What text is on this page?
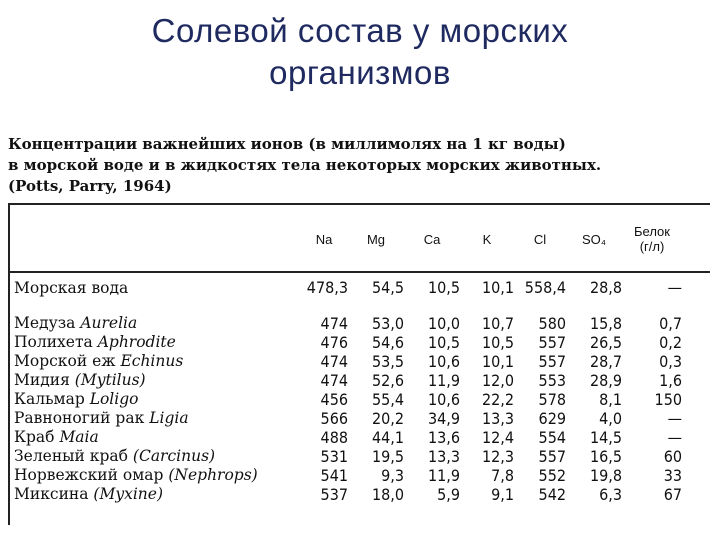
Солевой состав у морских
организмов
Концентрации важнейших ионов (в миллимолях на 1 кг воды)
в морской воде и в жидкостях тела некоторых морских животных.
(Potts, Parry, 1964)
	Na	Mg	Ca	K	Cl	SO₄	Белок
(г/л)

Морская вода	478,3	54,5	10,5	10,1	558,4	28,8	—
Медуза Aurelia	474	53,0	10,0	10,7	580	15,8	0,7
Полихета Aphrodite	476	54,6	10,5	10,5	557	26,5	0,2
Морской еж Echinus	474	53,5	10,6	10,1	557	28,7	0,3
Мидия (Mytilus)	474	52,6	11,9	12,0	553	28,9	1,6
Кальмар Loligo	456	55,4	10,6	22,2	578	8,1	150
Равноногий рак Ligia	566	20,2	34,9	13,3	629	4,0	—
Краб Maia	488	44,1	13,6	12,4	554	14,5	—
Зеленый краб (Carcinus)	531	19,5	13,3	12,3	557	16,5	60
Норвежский омар (Nephrops)	541	9,3	11,9	7,8	552	19,8	33
Миксина (Myxine)	537	18,0	5,9	9,1	542	6,3	67
